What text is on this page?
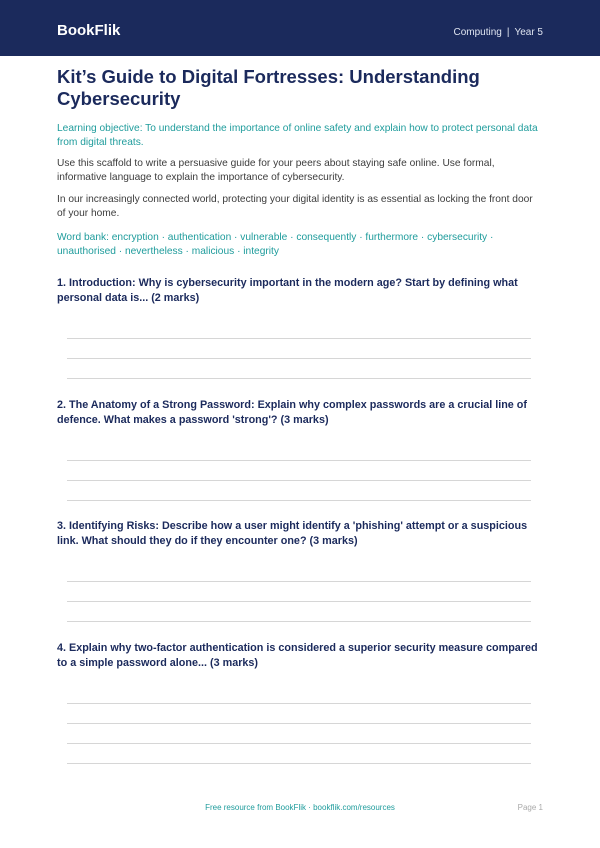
BookFlik	Computing | Year 5
Kit’s Guide to Digital Fortresses: Understanding Cybersecurity
Learning objective: To understand the importance of online safety and explain how to protect personal data from digital threats.
Use this scaffold to write a persuasive guide for your peers about staying safe online. Use formal, informative language to explain the importance of cybersecurity.
In our increasingly connected world, protecting your digital identity is as essential as locking the front door of your home.
Word bank: encryption · authentication · vulnerable · consequently · furthermore · cybersecurity · unauthorised · nevertheless · malicious · integrity
1. Introduction: Why is cybersecurity important in the modern age? Start by defining what personal data is... (2 marks)
2. The Anatomy of a Strong Password: Explain why complex passwords are a crucial line of defence. What makes a password 'strong'? (3 marks)
3. Identifying Risks: Describe how a user might identify a 'phishing' attempt or a suspicious link. What should they do if they encounter one? (3 marks)
4. Explain why two-factor authentication is considered a superior security measure compared to a simple password alone... (3 marks)
Free resource from BookFlik · bookflik.com/resources	Page 1
